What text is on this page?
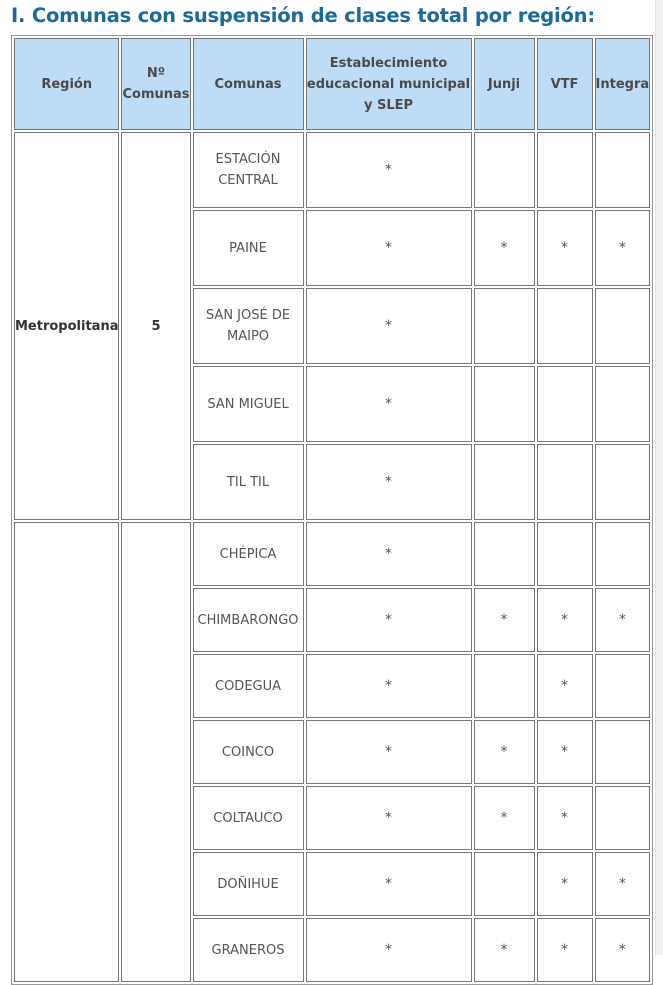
I. Comunas con suspensión de clases total por región:
Región	Nº Comunas	Comunas	Establecimiento educacional municipal y SLEP	Junji	VTF	Integra
Metropolitana	5	ESTACIÓN CENTRAL	*			
		PAINE	*	*	*	*
		SAN JOSÉ DE MAIPO	*			
		SAN MIGUEL	*			
		TIL TIL	*			
		CHÉPICA	*			
		CHIMBARONGO	*	*	*	*
		CODEGUA	*		*	
		COINCO	*	*	*	
		COLTAUCO	*	*	*	
		DOÑIHUE	*		*	*
		GRANEROS	*	*	*	*
